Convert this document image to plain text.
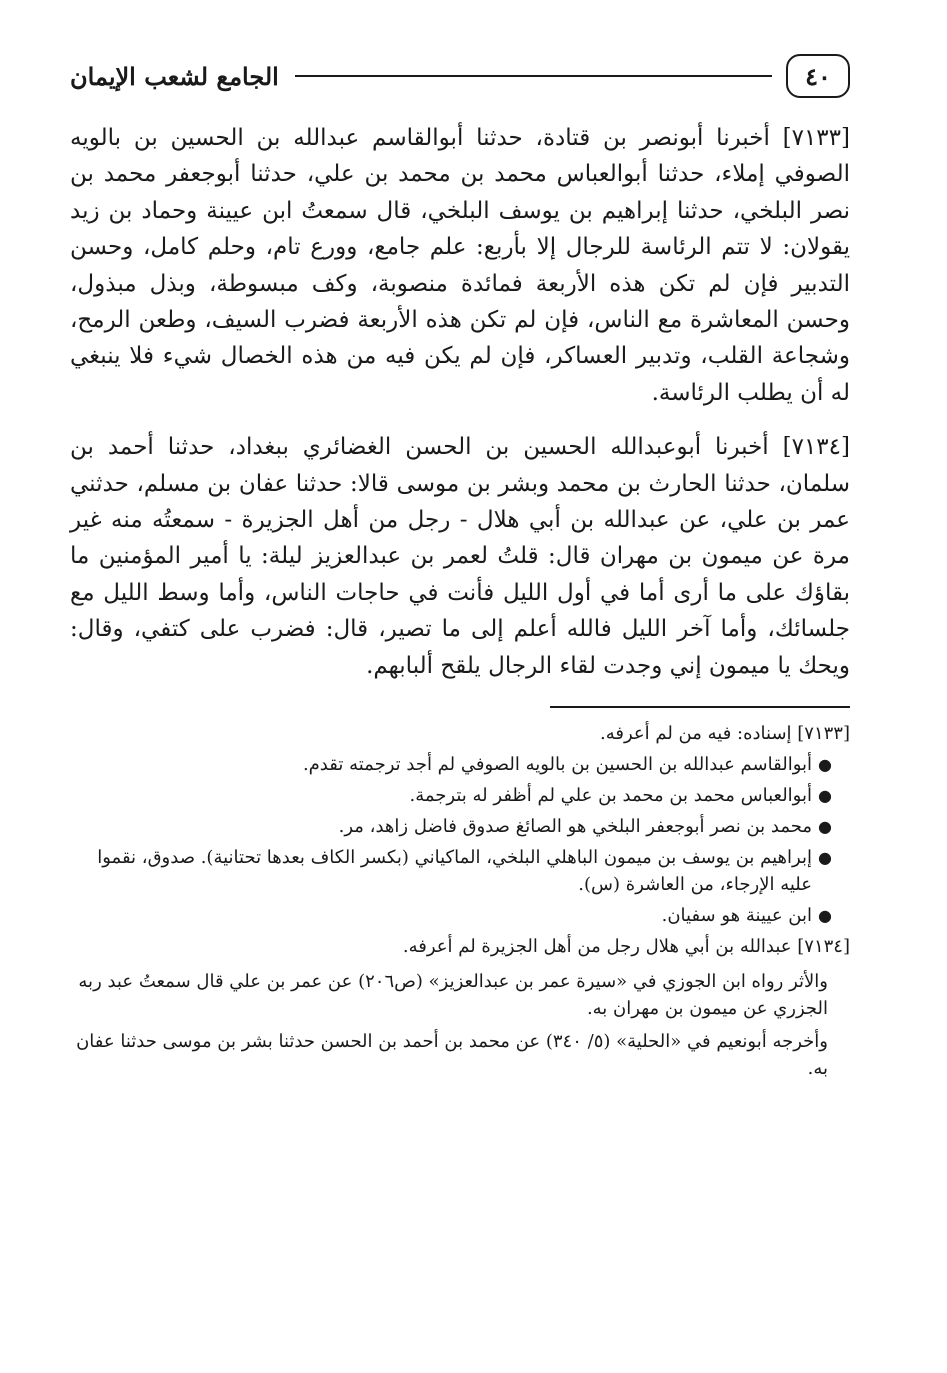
٤٠
الجامع لشعب الإيمان

[٧١٣٣] أخبرنا أبونصر بن قتادة، حدثنا أبوالقاسم عبدالله بن الحسين بن بالويه الصوفي إملاء، حدثنا أبوالعباس محمد بن محمد بن علي، حدثنا أبوجعفر محمد بن نصر البلخي، حدثنا إبراهيم بن يوسف البلخي، قال سمعتُ ابن عيينة وحماد بن زيد يقولان: لا تتم الرئاسة للرجال إلا بأربع: علم جامع، وورع تام، وحلم كامل، وحسن التدبير فإن لم تكن هذه الأربعة فمائدة منصوبة، وكف مبسوطة، وبذل مبذول، وحسن المعاشرة مع الناس، فإن لم تكن هذه الأربعة فضرب السيف، وطعن الرمح، وشجاعة القلب، وتدبير العساكر، فإن لم يكن فيه من هذه الخصال شيء فلا ينبغي له أن يطلب الرئاسة.

[٧١٣٤] أخبرنا أبوعبدالله الحسين بن الحسن الغضائري ببغداد، حدثنا أحمد بن سلمان، حدثنا الحارث بن محمد وبشر بن موسى قالا: حدثنا عفان بن مسلم، حدثني عمر بن علي، عن عبدالله بن أبي هلال - رجل من أهل الجزيرة - سمعتُه منه غير مرة عن ميمون بن مهران قال: قلتُ لعمر بن عبدالعزيز ليلة: يا أمير المؤمنين ما بقاؤك على ما أرى أما في أول الليل فأنت في حاجات الناس، وأما وسط الليل مع جلسائك، وأما آخر الليل فالله أعلم إلى ما تصير، قال: فضرب على كتفي، وقال: ويحك يا ميمون إني وجدت لقاء الرجال يلقح ألبابهم.

[٧١٣٣] إسناده: فيه من لم أعرفه.

●
أبوالقاسم عبدالله بن الحسين بن بالويه الصوفي لم أجد ترجمته تقدم.
●
أبوالعباس محمد بن محمد بن علي لم أظفر له بترجمة.
●
محمد بن نصر أبوجعفر البلخي هو الصائغ صدوق فاضل زاهد، مر.
●
إبراهيم بن يوسف بن ميمون الباهلي البلخي، الماكياني (بكسر الكاف بعدها تحتانية). صدوق، نقموا عليه الإرجاء، من العاشرة (س).
●
ابن عيينة هو سفيان.

[٧١٣٤] عبدالله بن أبي هلال رجل من أهل الجزيرة لم أعرفه.

والأثر رواه ابن الجوزي في «سيرة عمر بن عبدالعزيز» (ص٢٠٦) عن عمر بن علي قال سمعتُ عبد ربه الجزري عن ميمون بن مهران به.

وأخرجه أبونعيم في «الحلية» (٥/ ٣٤٠) عن محمد بن أحمد بن الحسن حدثنا بشر بن موسى حدثنا عفان به.
